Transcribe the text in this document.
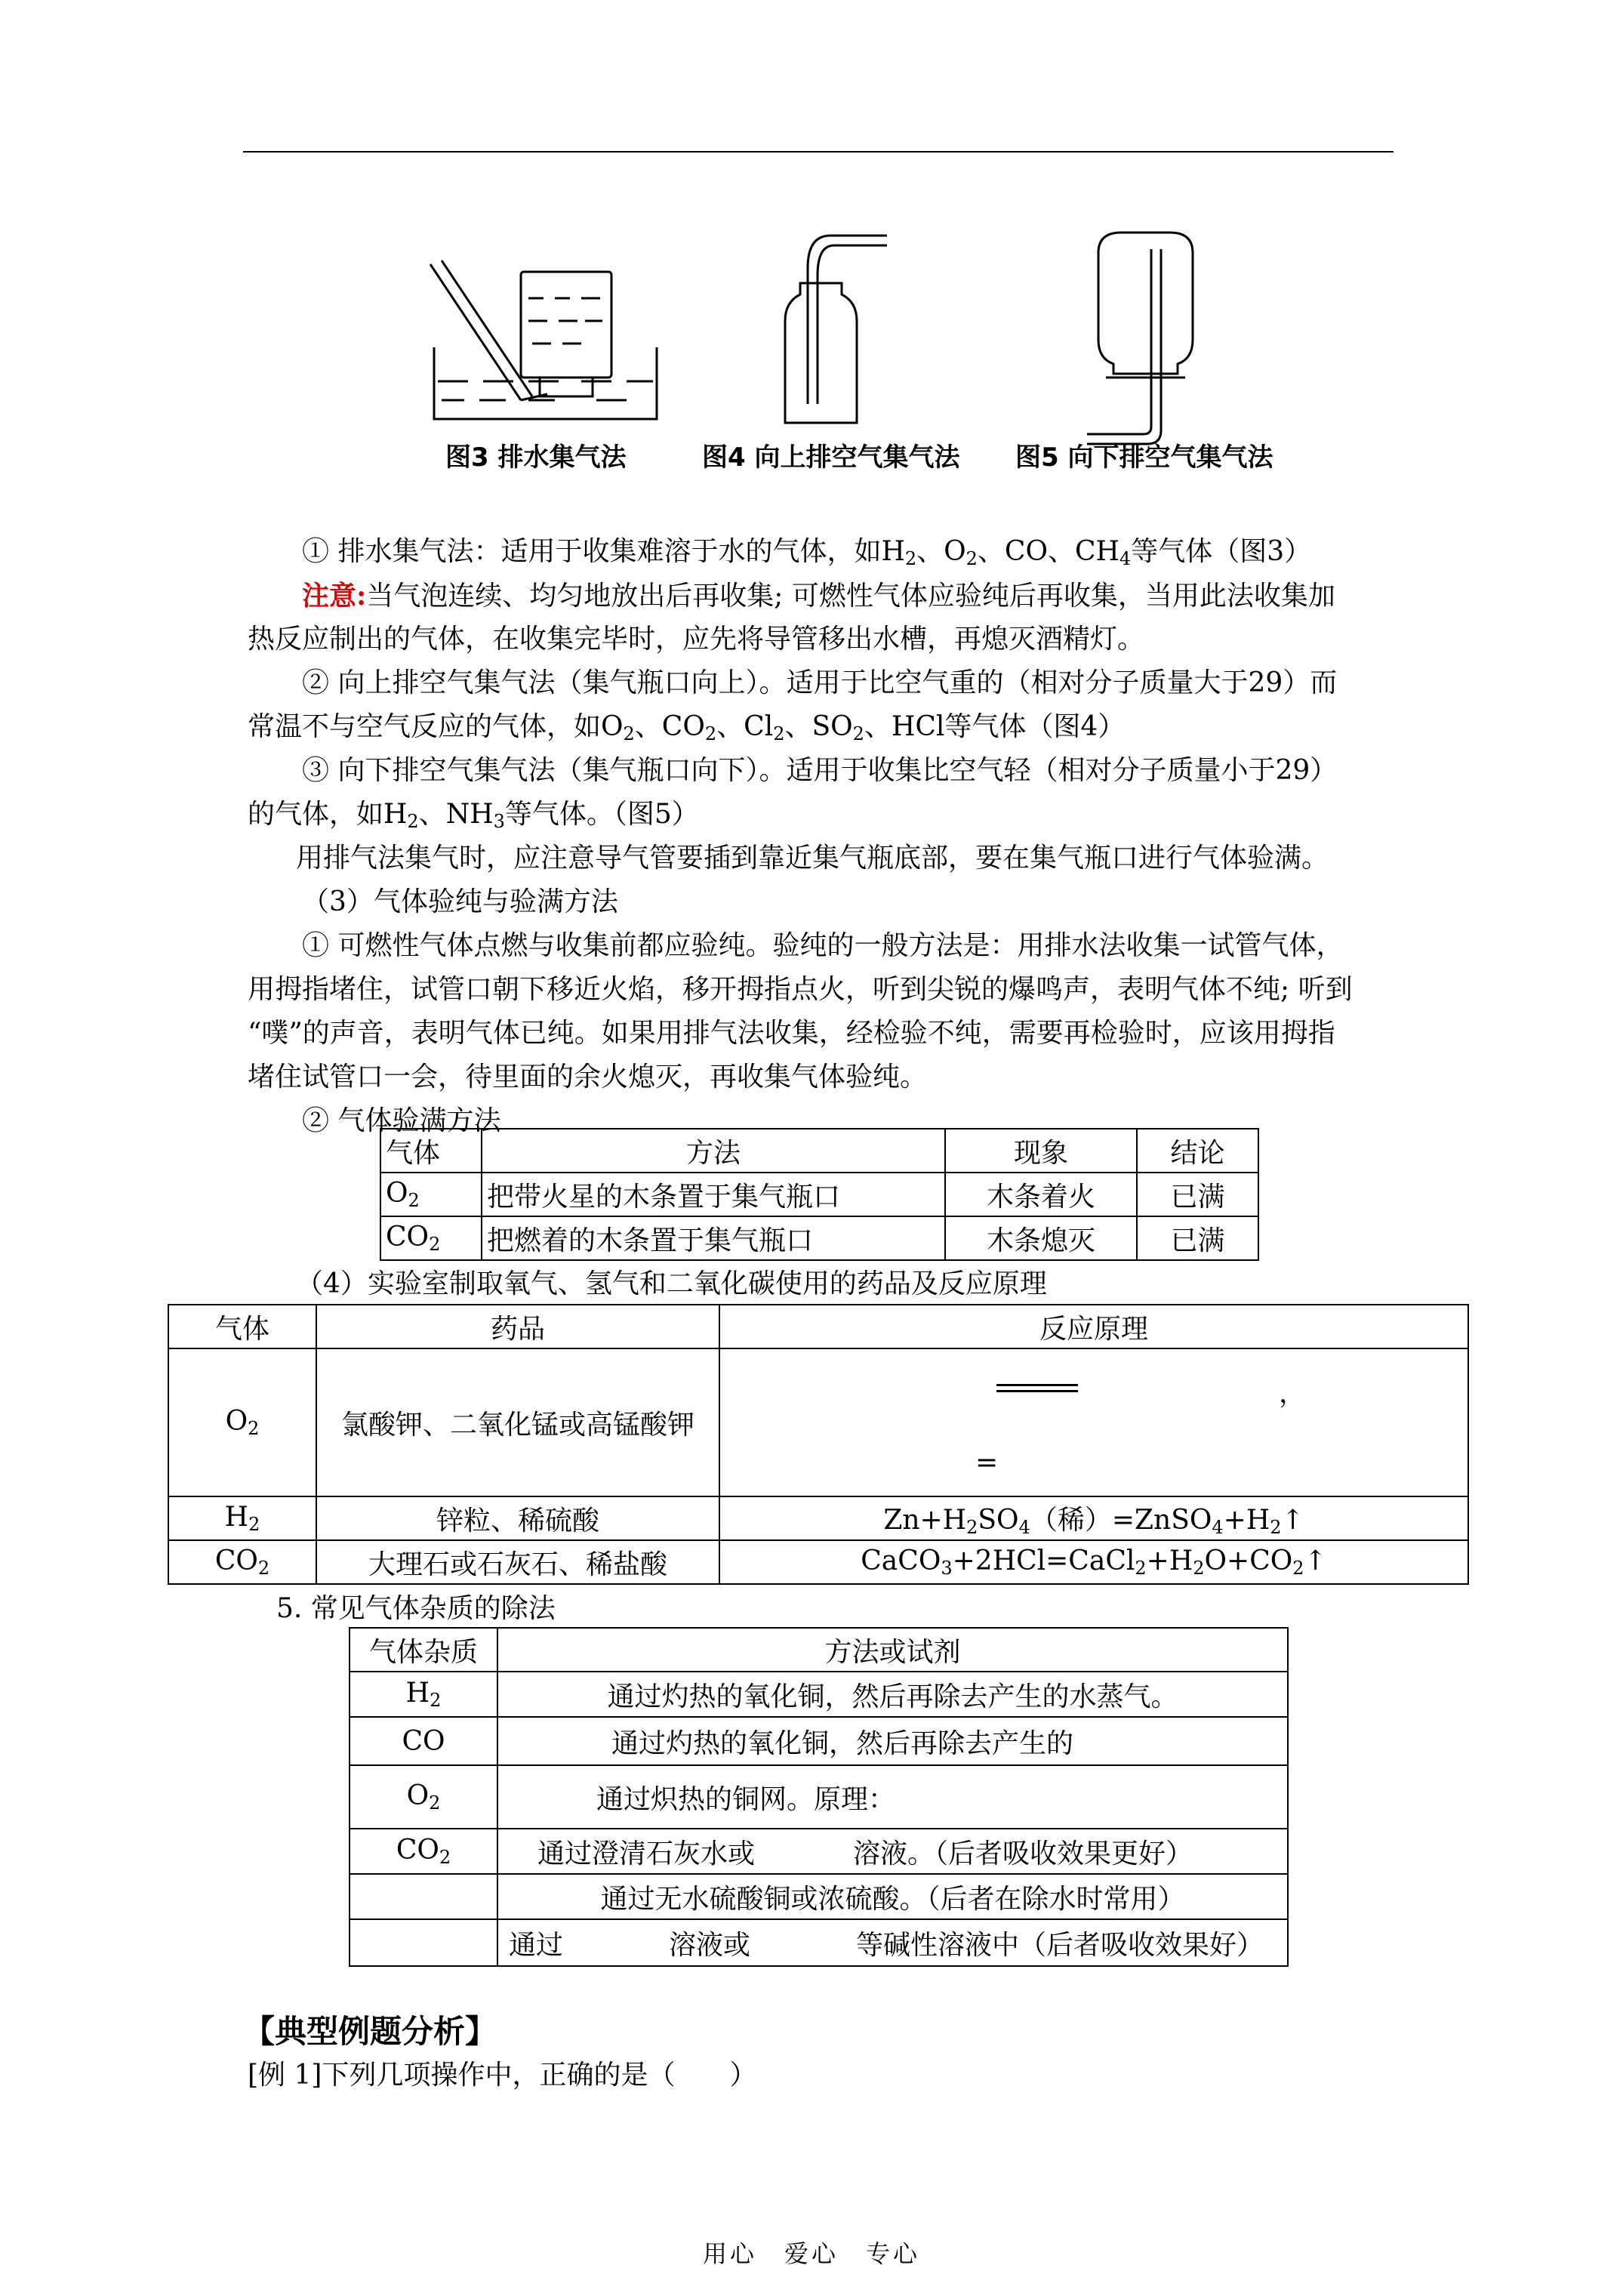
图3 排水集气法	图4 向上排空气集气法 图5 向下排空气集气法
① 排水集气法：适用于收集难溶于水的气体，如$H_2$、$O_2$、CO、$CH_4$等气体（图3）
注意:当气泡连续、均匀地放出后再收集; 可燃性气体应验纯后再收集，当用此法收集加
热反应制出的气体，在收集完毕时，应先将导管移出水槽，再熄灭酒精灯。
② 向上排空气集气法（集气瓶口向上）。适用于比空气重的（相对分子质量大于29）而
常温不与空气反应的气体，如$O_2$、$CO_2$、$Cl_2$、$SO_2$、HCl等气体（图4）
③ 向下排空气集气法（集气瓶口向下）。适用于收集比空气轻（相对分子质量小于29）
的气体，如$H_2$、$NH_3$等气体。（图5）
用排气法集气时，应注意导气管要插到靠近集气瓶底部，要在集气瓶口进行气体验满。
（3）气体验纯与验满方法
① 可燃性气体点燃与收集前都应验纯。验纯的一般方法是：用排水法收集一试管气体，
用拇指堵住，试管口朝下移近火焰，移开拇指点火，听到尖锐的爆鸣声，表明气体不纯; 听到
“噗”的声音，表明气体已纯。如果用排气法收集，经检验不纯，需要再检验时，应该用拇指
堵住试管口一会，待里面的余火熄灭，再收集气体验纯。
② 气体验满方法
气体	方法	现象	结论
$O_2$	把带火星的木条置于集气瓶口	木条着火	已满
$CO_2$	把燃着的木条置于集气瓶口	木条熄灭	已满
（4）实验室制取氧气、氢气和二氧化碳使用的药品及反应原理
气体	药品	反应原理
$O_2$	氯酸钾、二氧化锰或高锰酸钾	，
=

$H_2$	锌粒、稀硫酸	$Zn+H_2SO_4$（稀）$=ZnSO_4+H_2↑$
$CO_2$	大理石或石灰石、稀盐酸	$CaCO_3+2HCl=CaCl_2+H_2O+CO_2↑$
5. 常见气体杂质的除法
气体杂质	方法或试剂
$H_2$	通过灼热的氧化铜，然后再除去产生的水蒸气。
CO	通过灼热的氧化铜，然后再除去产生的
$O_2$	通过炽热的铜网。原理：
$CO_2$	通过澄清石灰水或 溶液。（后者吸收效果更好）
	通过无水硫酸铜或浓硫酸。（后者在除水时常用）
	通过 溶液或 等碱性溶液中（后者吸收效果好）
【典型例题分析】
[例 1]下列几项操作中，正确的是（　　）
用心　爱心　专心
